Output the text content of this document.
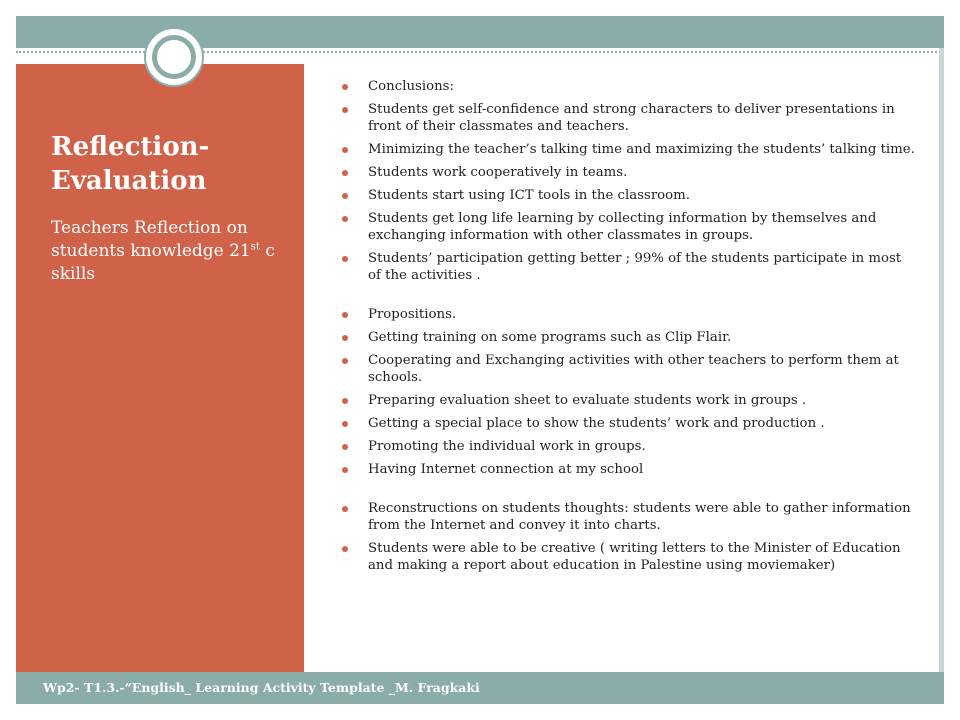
Reflection-
Evaluation
Teachers Reflection on students knowledge 21st c skills
Conclusions:
Students get self-confidence and strong characters to deliver presentations in front of their classmates and teachers.
Minimizing the teacher’s talking time and maximizing the students’ talking time.
Students work cooperatively in teams.
Students start using ICT tools in the classroom.
Students get long life learning by collecting information by themselves and exchanging information with other classmates in groups.
Students’ participation getting better ; 99% of the students participate in most of the activities .
Propositions.
Getting training on some programs such as Clip Flair.
Cooperating and Exchanging activities with other teachers to perform them at schools.
Preparing evaluation sheet to evaluate students work in groups .
Getting a special place to show the students’ work and production .
Promoting the individual work in groups.
Having Internet connection at my school
Reconstructions on students thoughts: students were able to gather information from the Internet and convey it into charts.
Students were able to be creative ( writing letters to the Minister of Education and making a report about education in Palestine using moviemaker)
Wp2- T1.3.-“English_ Learning Activity Template _M. Fragkaki
